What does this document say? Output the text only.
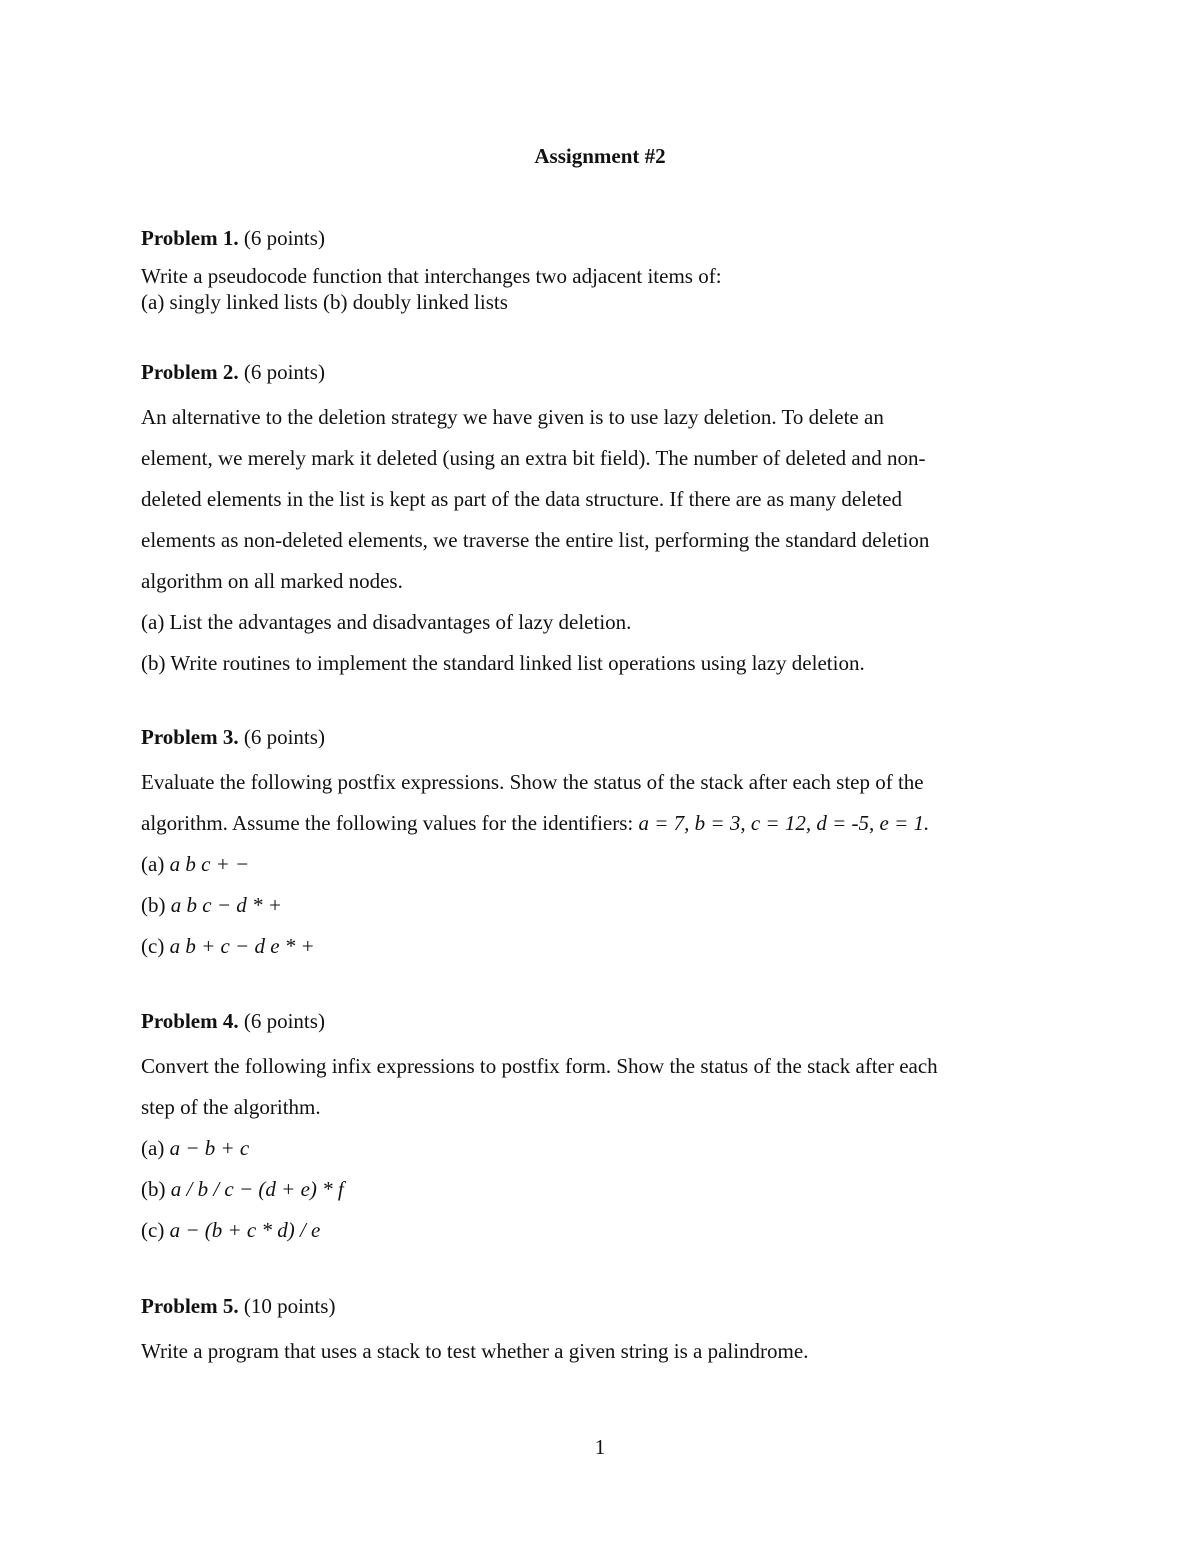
Assignment #2
Problem 1. (6 points)
Write a pseudocode function that interchanges two adjacent items of:
(a) singly linked lists (b) doubly linked lists
Problem 2. (6 points)
An alternative to the deletion strategy we have given is to use lazy deletion. To delete an
element, we merely mark it deleted (using an extra bit field). The number of deleted and non-
deleted elements in the list is kept as part of the data structure. If there are as many deleted
elements as non-deleted elements, we traverse the entire list, performing the standard deletion
algorithm on all marked nodes.
(a) List the advantages and disadvantages of lazy deletion.
(b) Write routines to implement the standard linked list operations using lazy deletion.
Problem 3. (6 points)
Evaluate the following postfix expressions. Show the status of the stack after each step of the
algorithm. Assume the following values for the identifiers: a = 7, b = 3, c = 12, d = -5, e = 1.
(a) a b c + −
(b) a b c − d * +
(c) a b + c − d e * +
Problem 4. (6 points)
Convert the following infix expressions to postfix form. Show the status of the stack after each
step of the algorithm.
(a) a − b + c
(b) a / b / c − (d + e) * f
(c) a − (b + c * d) / e
Problem 5. (10 points)
Write a program that uses a stack to test whether a given string is a palindrome.
1
